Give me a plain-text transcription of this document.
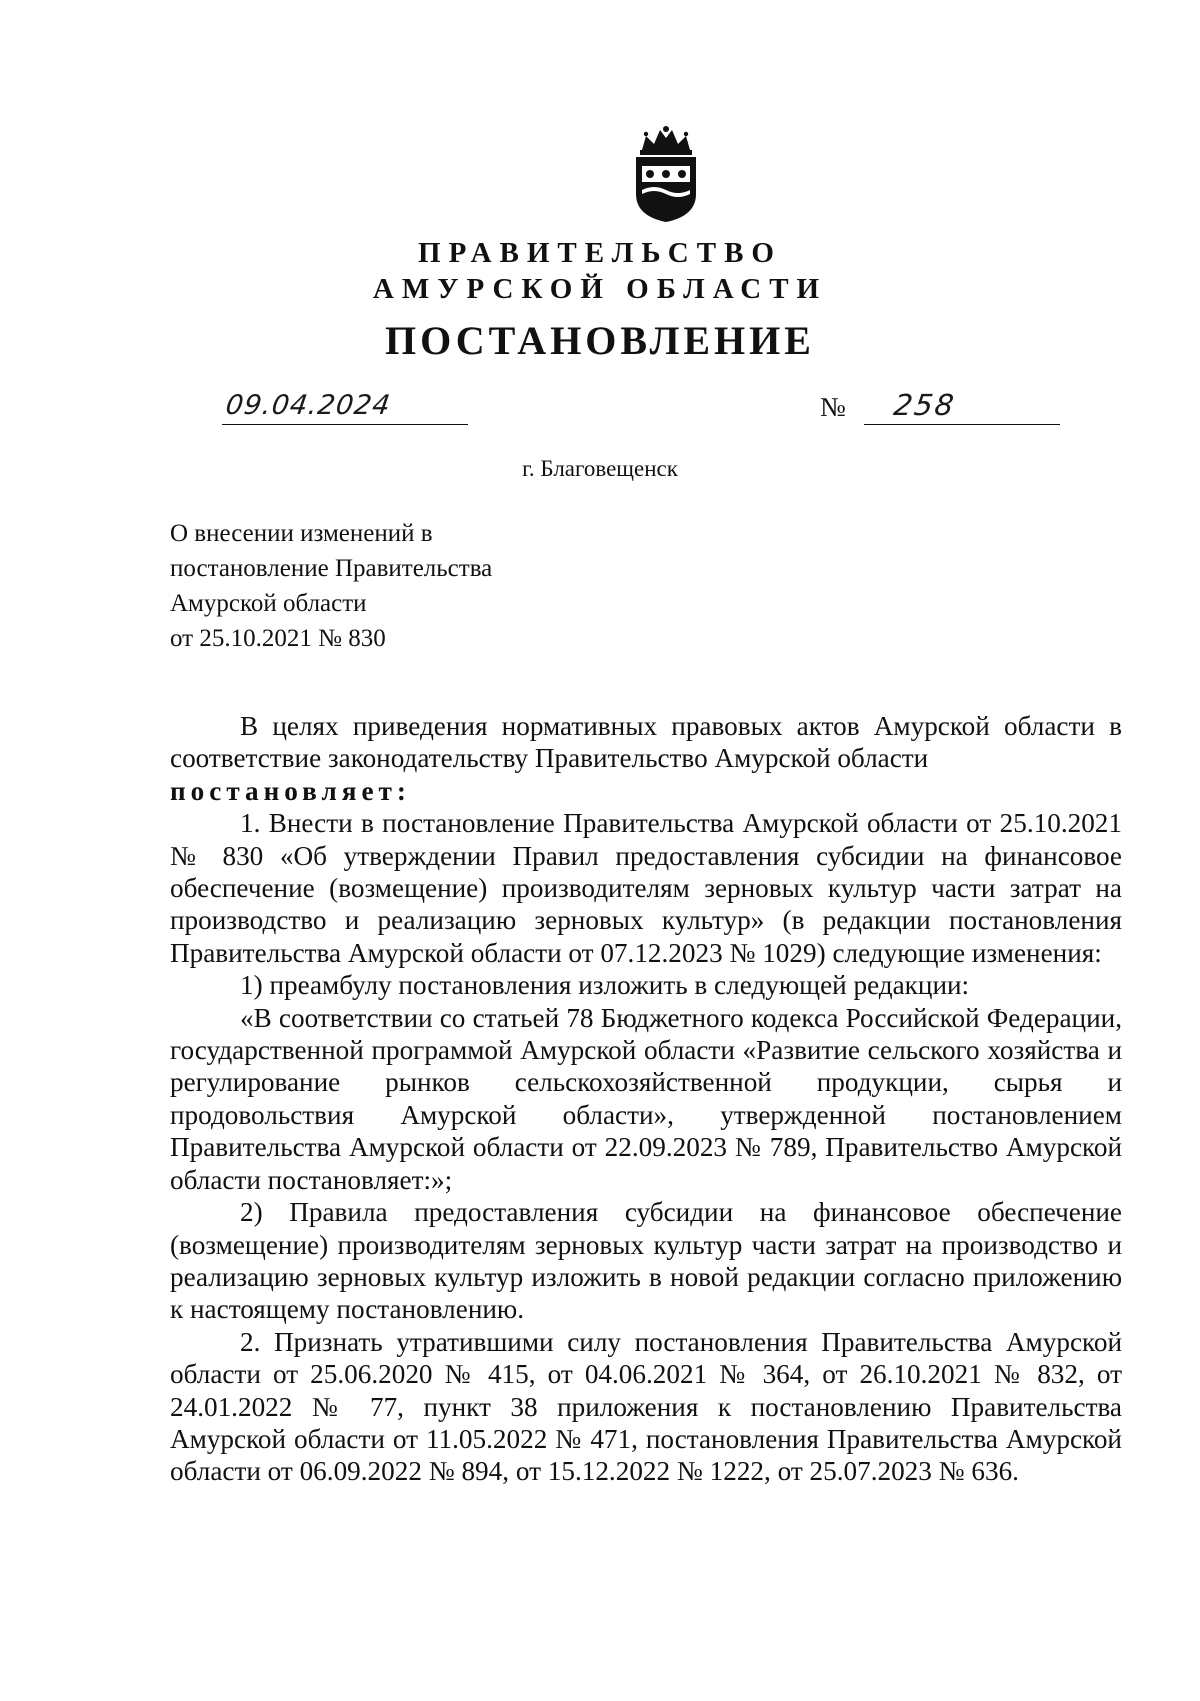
ПРАВИТЕЛЬСТВО
АМУРСКОЙ ОБЛАСТИ
ПОСТАНОВЛЕНИЕ
09.04.2024	№ 258
г. Благовещенск
О внесении изменений в
постановление Правительства
Амурской области
от 25.10.2021 № 830

В целях приведения нормативных правовых актов Амурской области в соответствие законодательству Правительство Амурской области

постановляет:

1. Внести в постановление Правительства Амурской области от 25.10.2021 № 830 «Об утверждении Правил предоставления субсидии на финансовое обеспечение (возмещение) производителям зерновых культур части затрат на производство и реализацию зерновых культур» (в редакции постановления Правительства Амурской области от 07.12.2023 № 1029) следующие изменения:

1) преамбулу постановления изложить в следующей редакции:

«В соответствии со статьей 78 Бюджетного кодекса Российской Федерации, государственной программой Амурской области «Развитие сельского хозяйства и регулирование рынков сельскохозяйственной продукции, сырья и продовольствия Амурской области», утвержденной постановлением Правительства Амурской области от 22.09.2023 № 789, Правительство Амурской области постановляет:»;

2) Правила предоставления субсидии на финансовое обеспечение (возмещение) производителям зерновых культур части затрат на производство и реализацию зерновых культур изложить в новой редакции согласно приложению к настоящему постановлению.

2. Признать утратившими силу постановления Правительства Амурской области от 25.06.2020 № 415, от 04.06.2021 № 364, от 26.10.2021 № 832, от 24.01.2022 № 77, пункт 38 приложения к постановлению Правительства Амурской области от 11.05.2022 № 471, постановления Правительства Амурской области от 06.09.2022 № 894, от 15.12.2022 № 1222, от 25.07.2023 № 636.
